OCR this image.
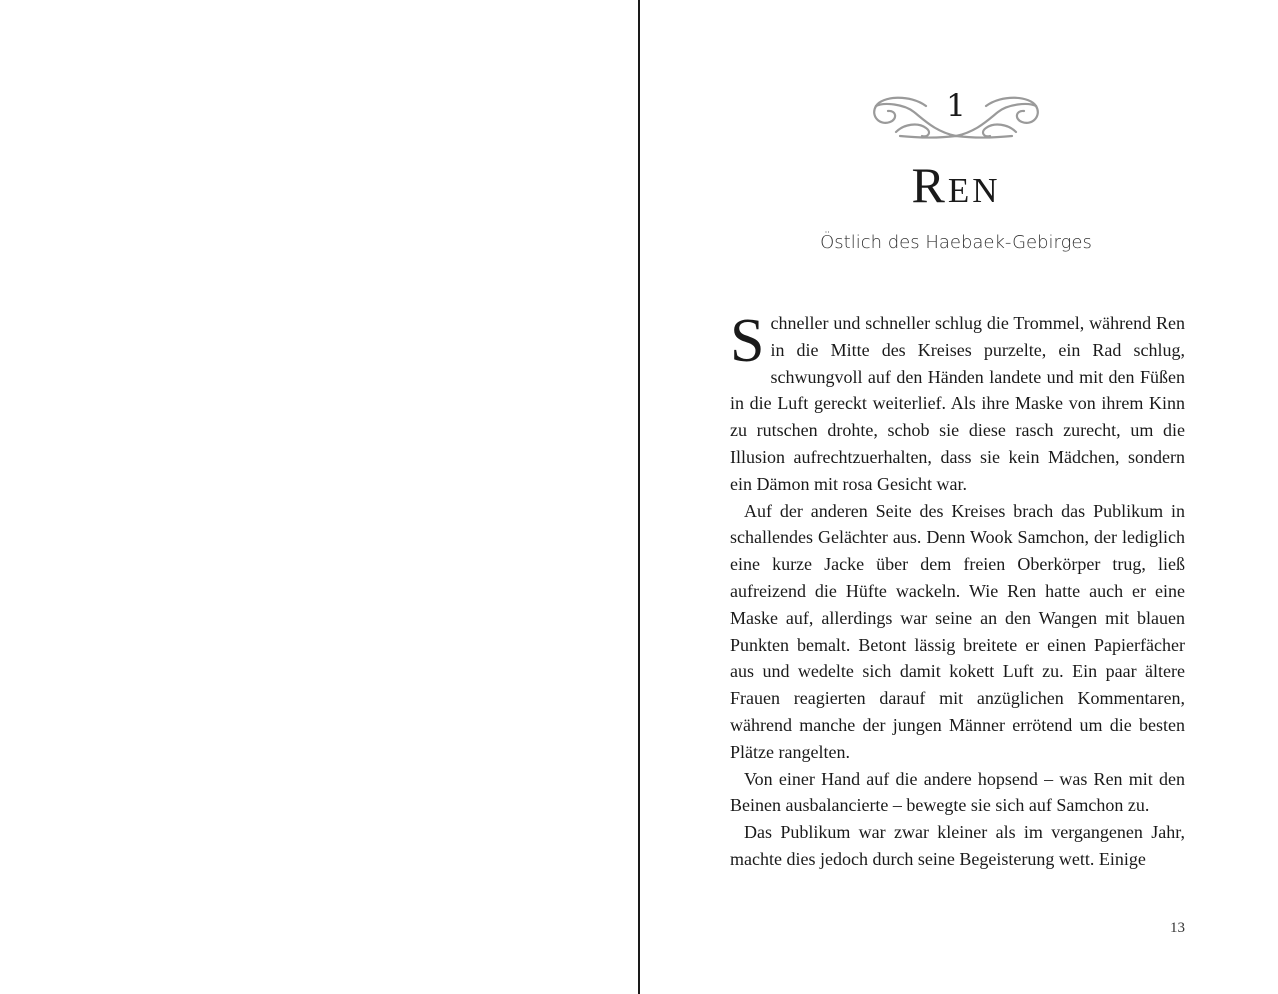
1
Ren
Östlich des Haebaek-Gebirges

Schneller und schneller schlug die Trommel, während Ren in die Mitte des Kreises purzelte, ein Rad schlug, schwungvoll auf den Händen landete und mit den Füßen in die Luft gereckt weiterlief. Als ihre Maske von ihrem Kinn zu rutschen drohte, schob sie diese rasch zurecht, um die Illusion aufrechtzuerhalten, dass sie kein Mädchen, sondern ein Dämon mit rosa Gesicht war.

Auf der anderen Seite des Kreises brach das Publikum in schallendes Gelächter aus. Denn Wook Samchon, der lediglich eine kurze Jacke über dem freien Oberkörper trug, ließ aufreizend die Hüfte wackeln. Wie Ren hatte auch er eine Maske auf, allerdings war seine an den Wangen mit blauen Punkten bemalt. Betont lässig breitete er einen Papierfächer aus und wedelte sich damit kokett Luft zu. Ein paar ältere Frauen reagierten darauf mit anzüglichen Kommentaren, während manche der jungen Männer errötend um die besten Plätze rangelten.

Von einer Hand auf die andere hopsend – was Ren mit den Beinen ausbalancierte – bewegte sie sich auf Samchon zu.

Das Publikum war zwar kleiner als im vergangenen Jahr, machte dies jedoch durch seine Begeisterung wett. Einige

13
